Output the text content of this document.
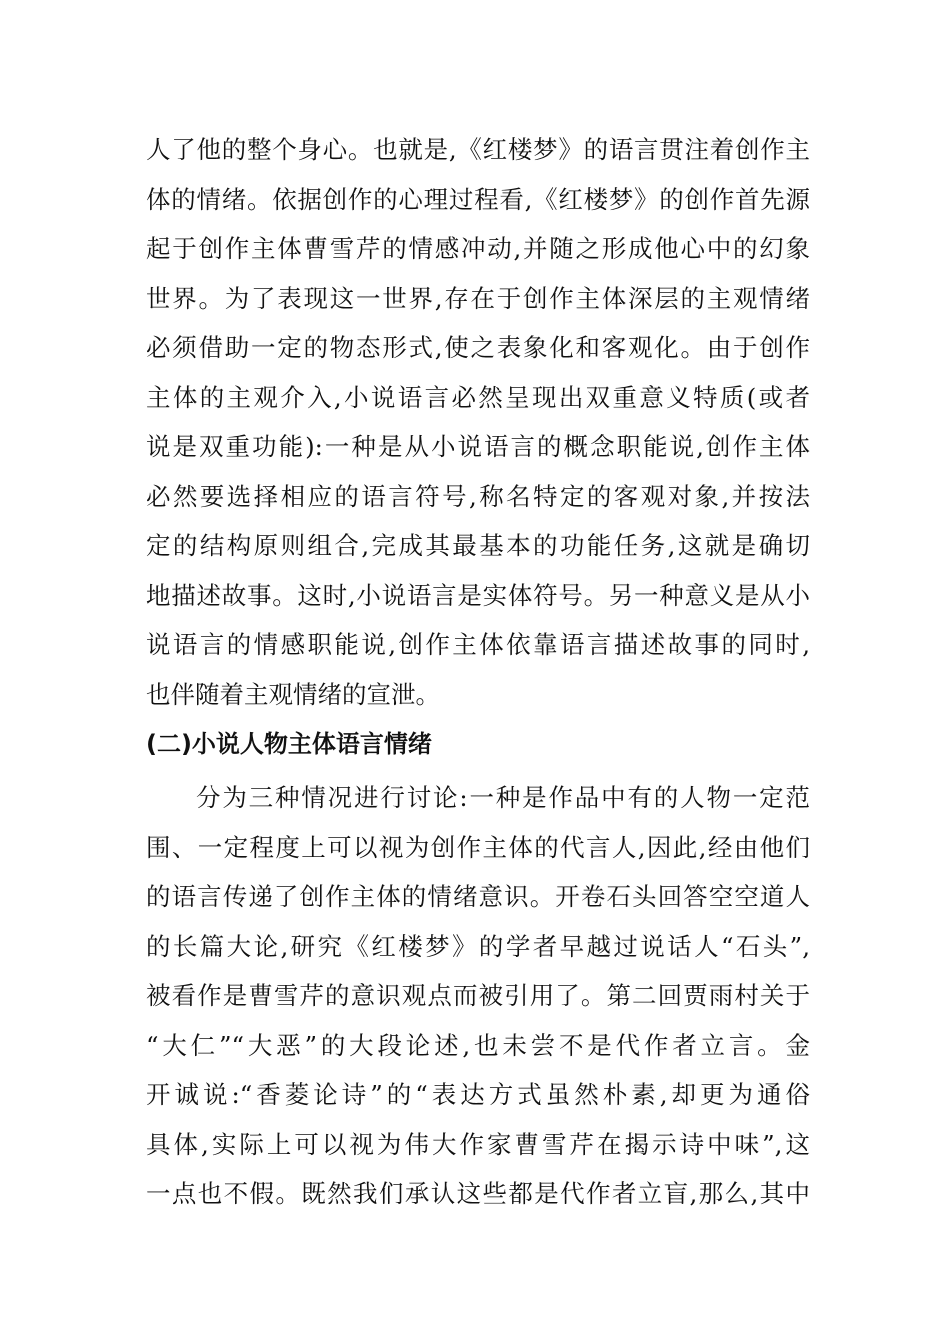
人了他的整个身心。也就是,《红楼梦》的语言贯注着创作主
体的情绪。依据创作的心理过程看,《红楼梦》的创作首先源
起于创作主体曹雪芹的情感冲动,并随之形成他心中的幻象
世界。为了表现这一世界,存在于创作主体深层的主观情绪
必须借助一定的物态形式,使之表象化和客观化。由于创作
主体的主观介入,小说语言必然呈现出双重意义特质(或者
说是双重功能):一种是从小说语言的概念职能说,创作主体
必然要选择相应的语言符号,称名特定的客观对象,并按法
定的结构原则组合,完成其最基本的功能任务,这就是确切
地描述故事。这时,小说语言是实体符号。另一种意义是从小
说语言的情感职能说,创作主体依靠语言描述故事的同时,
也伴随着主观情绪的宣泄。
(二)小说人物主体语言情绪
分为三种情况进行讨论:一种是作品中有的人物一定范
围、一定程度上可以视为创作主体的代言人,因此,经由他们
的语言传递了创作主体的情绪意识。开卷石头回答空空道人
的长篇大论,研究《红楼梦》的学者早越过说话人“石头”,
被看作是曹雪芹的意识观点而被引用了。第二回贾雨村关于
“大仁”“大恶”的大段论述,也未尝不是代作者立言。金
开诚说:“香菱论诗”的“表达方式虽然朴素,却更为通俗
具体,实际上可以视为伟大作家曹雪芹在揭示诗中味”,这
一点也不假。既然我们承认这些都是代作者立盲,那么,其中
